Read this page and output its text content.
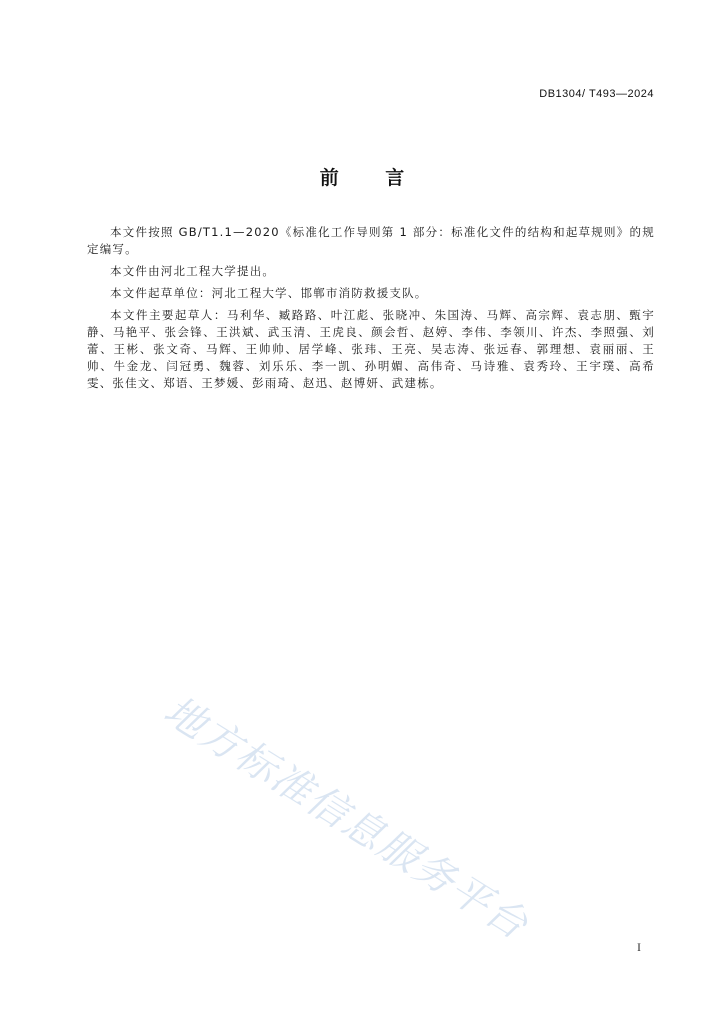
DB1304/ T493—2024
前 言

本文件按照 GB/T1.1—2020《标准化工作导则第 1 部分：标准化文件的结构和起草规则》的规定编写。

本文件由河北工程大学提出。

本文件起草单位：河北工程大学、邯郸市消防救援支队。

本文件主要起草人：马利华、臧路路、叶江彪、张晓冲、朱国涛、马辉、高宗辉、袁志朋、甄宇静、马艳平、张会锋、王洪斌、武玉清、王虎良、颜会哲、赵婷、李伟、李领川、许杰、李照强、刘蕾、王彬、张文奇、马辉、王帅帅、居学峰、张玮、王亮、吴志涛、张远春、郭理想、袁丽丽、王帅、牛金龙、闫冠勇、魏蓉、刘乐乐、李一凯、孙明媚、高伟奇、马诗雅、袁秀玲、王宇璞、高希雯、张佳文、郑语、王梦媛、彭雨琦、赵迅、赵博妍、武建栋。

地方标准信息服务平台	I
